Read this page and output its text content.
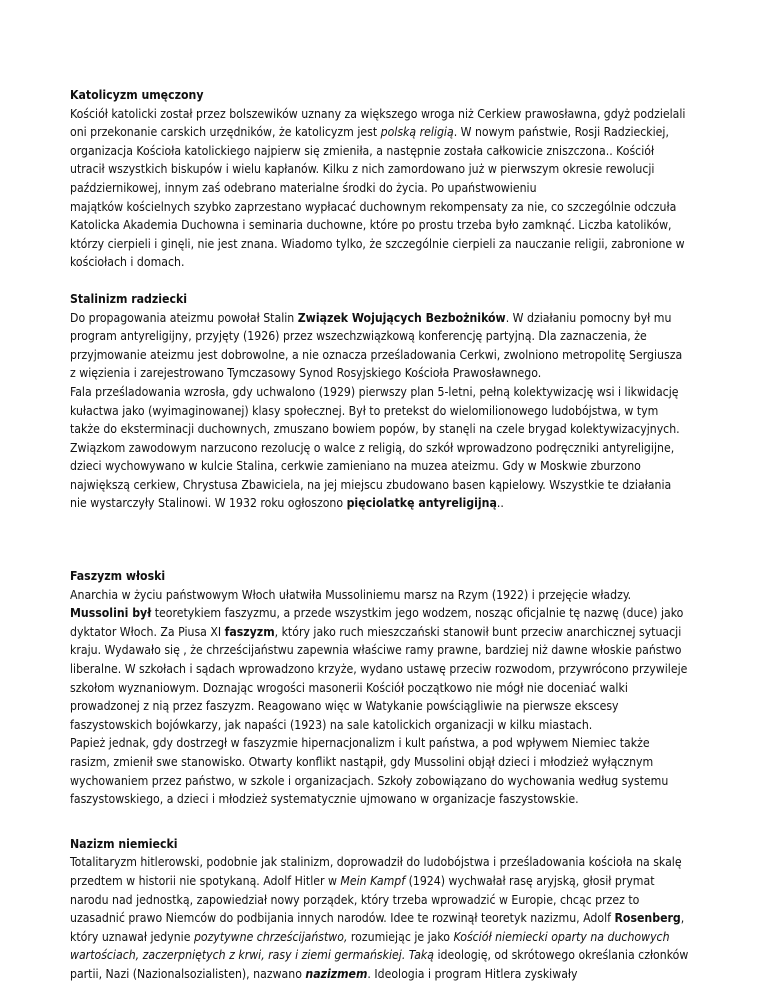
Katolicyzm umęczony
Kościół katolicki został przez bolszewików uznany za większego wroga niż Cerkiew prawosławna, gdyż podzielali oni przekonanie carskich urzędników, że katolicyzm jest polską religią. W nowym państwie, Rosji Radzieckiej, organizacja Kościoła katolickiego najpierw się zmieniła, a następnie została całkowicie zniszczona.. Kościół utracił wszystkich biskupów i wielu kapłanów. Kilku z nich zamordowano już w pierwszym okresie rewolucji październikowej, innym zaś odebrano materialne środki do życia. Po upaństwowieniu
majątków kościelnych szybko zaprzestano wypłacać duchownym rekompensaty za nie, co szczególnie odczuła Katolicka Akademia Duchowna i seminaria duchowne, które po prostu trzeba było zamknąć. Liczba katolików, którzy cierpieli i ginęli, nie jest znana. Wiadomo tylko, że szczególnie cierpieli za nauczanie religii, zabronione w kościołach i domach.
Stalinizm radziecki
Do propagowania ateizmu powołał Stalin Związek Wojujących Bezbożników. W działaniu pomocny był mu program antyreligijny, przyjęty (1926) przez wszechzwiązkową konferencję partyjną. Dla zaznaczenia, że przyjmowanie ateizmu jest dobrowolne, a nie oznacza prześladowania Cerkwi, zwolniono metropolitę Sergiusza z więzienia i zarejestrowano Tymczasowy Synod Rosyjskiego Kościoła Prawosławnego.
Fala prześladowania wzrosła, gdy uchwalono (1929) pierwszy plan 5-letni, pełną kolektywizację wsi i likwidację kułactwa jako (wyimaginowanej) klasy społecznej. Był to pretekst do wielomilionowego ludobójstwa, w tym także do eksterminacji duchownych, zmuszano bowiem popów, by stanęli na czele brygad kolektywizacyjnych. Związkom zawodowym narzucono rezolucję o walce z religią, do szkół wprowadzono podręczniki antyreligijne, dzieci wychowywano w kulcie Stalina, cerkwie zamieniano na muzea ateizmu. Gdy w Moskwie zburzono największą cerkiew, Chrystusa Zbawiciela, na jej miejscu zbudowano basen kąpielowy. Wszystkie te działania nie wystarczyły Stalinowi. W 1932 roku ogłoszono pięciolatkę antyreligijną..
Faszyzm włoski
Anarchia w życiu państwowym Włoch ułatwiła Mussoliniemu marsz na Rzym (1922) i przejęcie władzy.
Mussolini był teoretykiem faszyzmu, a przede wszystkim jego wodzem, nosząc oficjalnie tę nazwę (duce) jako dyktator Włoch. Za Piusa XI faszyzm, który jako ruch mieszczański stanowił bunt przeciw anarchicznej sytuacji kraju. Wydawało się , że chrześcijaństwu zapewnia właściwe ramy prawne, bardziej niż dawne włoskie państwo liberalne. W szkołach i sądach wprowadzono krzyże, wydano ustawę przeciw rozwodom, przywrócono przywileje szkołom wyznaniowym. Doznając wrogości masonerii Kościół początkowo nie mógł nie doceniać walki prowadzonej z nią przez faszyzm. Reagowano więc w Watykanie powściągliwie na pierwsze ekscesy faszystowskich bojówkarzy, jak napaści (1923) na sale katolickich organizacji w kilku miastach.
Papież jednak, gdy dostrzegł w faszyzmie hipernacjonalizm i kult państwa, a pod wpływem Niemiec także rasizm, zmienił swe stanowisko. Otwarty konflikt nastąpił, gdy Mussolini objął dzieci i młodzież wyłącznym wychowaniem przez państwo, w szkole i organizacjach. Szkoły zobowiązano do wychowania według systemu faszystowskiego, a dzieci i młodzież systematycznie ujmowano w organizacje faszystowskie.
Nazizm niemiecki
Totalitaryzm hitlerowski, podobnie jak stalinizm, doprowadził do ludobójstwa i prześladowania kościoła na skalę przedtem w historii nie spotykaną. Adolf Hitler w Mein Kampf (1924) wychwałał rasę aryjską, głosił prymat narodu nad jednostką, zapowiedział nowy porządek, który trzeba wprowadzić w Europie, chcąc przez to uzasadnić prawo Niemców do podbijania innych narodów. Idee te rozwinął teoretyk nazizmu, Adolf Rosenberg, który uznawał jedynie pozytywne chrześcijaństwo, rozumiejąc je jako Kościół niemiecki oparty na duchowych wartościach, zaczerpniętych z krwi, rasy i ziemi germańskiej. Taką ideologię, od skrótowego określania członków partii, Nazi (Nazionalsozialisten), nazwano nazizmem. Ideologia i program Hitlera zyskiwały
